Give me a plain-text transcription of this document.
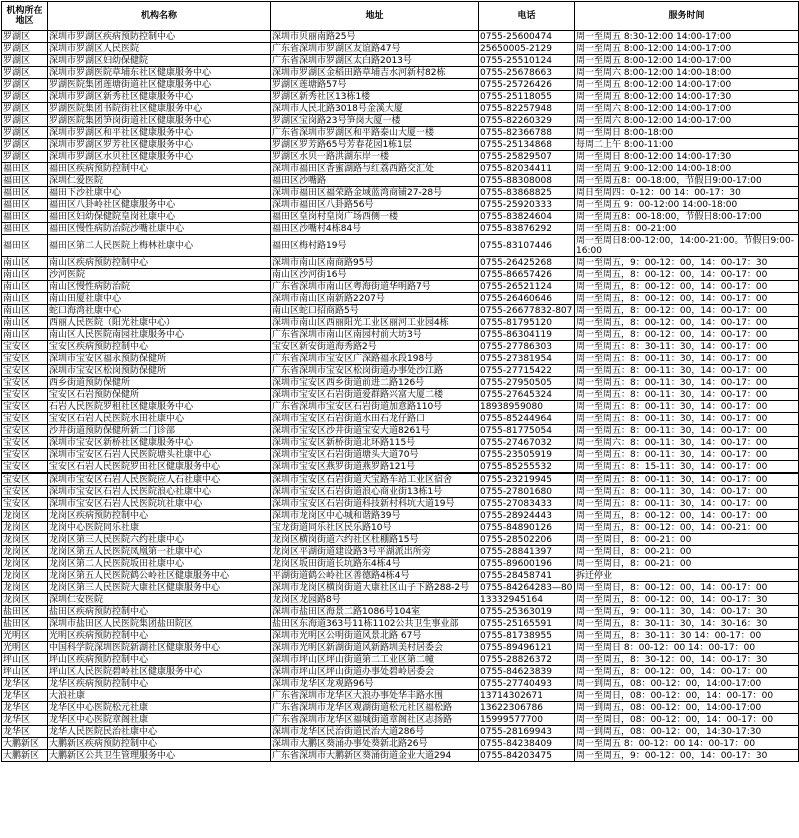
机构所在地区	机构名称	地址	电话	服务时间
罗湖区	深圳市罗湖区疾病预防控制中心	深圳市贝丽南路25号	0755-25600474	周一至周五 8:30-12:00 14:00-17:00
罗湖区	深圳市罗湖区人民医院	广东省深圳市罗湖区友谊路47号	25650005-2129	周一至周五 8:00-12:00 14:00-17:00
罗湖区	深圳市罗湖区妇幼保健院	广东省深圳市罗湖区太白路2013号	0755-25510124	周一至周五 8:00-12:00 14:00-17:00
罗湖区	深圳市罗湖医院草埔东社区健康服务中心	深圳市罗湖区金稻田路草埔吉水河新村82栋	0755-25678663	周一至周六 8:00-12:00 14:00-18:00
罗湖区	罗湖医院集团莲塘街道社区健康服务中心	罗湖区莲塘路57号	0755-25726426	周一至周五 8:00-12:00 14:00-17:00
罗湖区	深圳市罗湖区新秀社区健康服务中心	罗湖区新秀社区13栋1楼	0755-25118055	周一至周五 8:00-12:00 14:00-17:30
罗湖区	罗湖医院集团书院街社区健康服务中心	深圳市人民北路3018号金溪大厦	0755-82257948	周一至周六 8:00-12:00 14:00-17:00
罗湖区	罗湖医院集团笋岗街道社区健康服务中心	罗湖区宝岗路23号笋岗大厦一楼	0755-82260329	周一至周六 8:00-12:00 14:00-17:00
罗湖区	深圳市罗湖区和平社区健康服务中心	广东省深圳市罗湖区和平路泰山大厦一楼	0755-82366788	周一至周日 8:00-18:00
罗湖区	深圳市罗湖区罗芳社区健康服务中心	罗湖区罗芳路65号芳春花园1栋1层	0755-25134868	每周二上午 8:00-11:00
罗湖区	深圳市罗湖区水贝社区健康服务中心	罗湖区水贝一路洪湖东岸一楼	0755-25829507	周一至周日 8:00-12:00 14:00-17:30
福田区	福田区疾病预防控制中心	深圳市福田区香蜜湖路与红荔西路交汇处	0755-82034411	周一至周五 9:00-12:00 14:00-18:00
福田区	深圳仁爱医院	福田区沙嘴路	0755-88308008	周一至周五8：00-18:00，节假日9:00-17:00
福田区	福田下沙社康中心	深圳市福田区福荣路金域蓝湾商铺27-28号	0755-83868825	周日至周四：0-12：00 14：00-17：30
福田区	福田区八卦岭社区健康服务中心	深圳市福田区八卦路56号	0755-25920333	周一至周五 9：00-12:00 14:00-18:00
福田区	福田区妇幼保健院皇岗社康中心	福田区皇岗村皇岗广场西侧一楼	0755-83824604	周一至周五8：00-18:00，节假日8:00-17:00
福田区	福田区慢性病防治院沙嘴社康中心	福田区沙嘴村4栋84号	0755-83876292	周一至周五8：00-21:00
福田区	福田区第二人民医院上梅林社康中心	福田区梅村路19号	0755-83107446	周一至周日8:00-12:00，14:00-21:00。节假日9:00-16:00
南山区	南山区疾病预防控制中心	深圳市南山区南商路95号	0755-26425268	周一至周五，9：00-12：00，14：00-17：30
南山区	沙河医院	南山区沙河街16号	0755-86657426	周一至周五，8：00-12：00，14：00-17：00
南山区	南山区慢性病防治院	广东省深圳市南山区粤海街道华明路7号	0755-26521124	周一至周五，8：00-12：00，14：00-17：00
南山区	南山田厦社康中心	深圳市南山区南新路2207号	0755-26460646	周一至周五，8：00-12：00，14：00-17：00
南山区	蛇口海湾社康中心	南山区蛇口招商路5号	0755-26677832-807	周一至周五，8：00-12：00，14：00-17：00
南山区	西丽人民医院（阳光社康中心）	深圳市南山区西丽阳光工业区丽河工业园4栋	0755-81795120	周一至周五，8：00-12：00，14：00-17：00
南山区	南山区人民医院南园社康服务中心	广东省深圳市南山区南园村前大坊3号	0755-86304119	周一至周五，8：00-12：00，14：00-17：00
宝安区	宝安区疾病预防控制中心	宝安区新安街道海秀路2号	0755-27786303	周一至周五：8：30-11：30，14：00-17：00
宝安区	深圳市宝安区福永预防保健所	广东省深圳市宝安区广深路福永段198号	0755-27381954	周一至周五：8：00-11：30，14：00-17：00
宝安区	深圳市宝安区松岗预防保健所	广东省深圳市宝安区松岗街道办事处沙江路	0755-27715422	周一至周五：8：00-11：30，14：00-17：00
宝安区	西乡街道预防保健所	深圳市宝安区西乡街道前进二路126号	0755-27950505	周一至周五：8：00-11：30，14：00-17：00
宝安区	宝安区石岩预防保健所	深圳市宝安区石岩街道爱群路兴富大厦二楼	0755-27645324	周一至周五：8：00-11：30，14：00-17：00
宝安区	石岩人民医院罗租社区健康服务中心	广东省深圳市宝安区石岩街道加意路110号	18938959080	周一至周五：8：00-11：30，14：00-17：00
宝安区	宝安区石岩人民医院水田社康中心	深圳市宝安区石岩街道水田石龙仔路口	0755-85244964	周一至周五：8：00-11：30，14：00-17：00
宝安区	沙井街道预防保健所新二门诊部	深圳市宝安区沙井街道宝安大道8261号	0755-81775054	周一至周五：8：00-11：30，14：00-17：00
宝安区	深圳市宝安区新桥社区健康服务中心	深圳市宝安区新桥街道北环路115号	0755-27467032	周一至周六：8：00-11：30，14：00-17：00
宝安区	深圳市宝安区石岩人民医院塘头社康中心	深圳市宝安区石岩街道塘头大道70号	0755-23505919	周一至周五：8：00-11：30，14：00-17：00
宝安区	宝安区石岩人民医院罗田社区健康服务中心	深圳市宝安区燕罗街道燕罗路121号	0755-85255532	周一至周五：8：15-11：30，14：00-17：00
宝安区	深圳市宝安区石岩人民医院应人石社康中心	深圳市宝安区石岩街道天宝路车站工业区宿舍	0755-23219945	周一至周五：8：00-11：30，14：00-17：00
宝安区	深圳市宝安区石岩人民医院浪心社康中心	深圳市宝安区石岩街道浪心商业街13栋1号	0755-27801680	周一至周五：8：00-11：30，14：00-17：00
宝安区	深圳市宝安区石岩人民医院坑社康中心	深圳市宝安区石岩街道科技新村科坑大道19号	0755-27083433	周一至周五：8：00-11：30，14：00-17：00
龙岗区	龙岗区疾病预防控制中心	深圳市龙岗区中心城和谐路39号	0755-28924443	周一至周五，8：00-12：00，14：00-17：00
龙岗区	龙岗中心医院同乐社康	宝龙街道同乐社区民乐路10号	0755-84890126	周一至周五，8：00-12：00，14：00-21：00
龙岗区	龙岗区第三人民医院六约社康中心	龙岗区横岗街道六约社区杜棚路15号	0755-28502206	周一至周日，8：00-21：00
龙岗区	龙岗区第五人民医院凤凰第一社康中心	龙岗区平湖街道建设路3号平湖派出所旁	0755-28841397	周一至周日，8：00-21：00
龙岗区	龙岗区第二人民医院坂田社康中心	龙岗区坂田街道长坑路东4栋4号	0755-89600196	周一至周日，8：00-21：00
龙岗区	龙岗区第五人民医院鹤公岭社区健康服务中心	平湖街道鹤公岭社区善德路4栋4号	0755-28458741	拆迁停业
龙岗区	龙岗区第三人民医院大康社区健康服务中心	深圳市龙岗区横岗街道大康社区山子下路288-2号	0755-84264283—80	周一至周日，8：00-12：00，14：00-17：00
龙岗区	深圳仁安医院	龙岗区龙园路8号	13332945164	周一至周五，8：00-12：00，14：00-17：30
盐田区	盐田区疾病预防控制中心	深圳市盐田区海景二路1086号104室	0755-25363019	周一至周五，9：00-11：30，14：00-17：30
盐田区	深圳市盐田区人民医院集团盐田院区	盐田区东海道363号11栋1102公共卫生事业部	0755-25165591	周一至周五，8：30-11：30，14：30-16：30
光明区	光明区疾病预防控制中心	深圳市光明区公明街道风景北路 67号	0755-81738955	周一至周五，8：30-11：30 14：00-17：00
光明区	中国科学院深圳医院新湖社区健康服务中心	深圳市光明区新湖街道风新路圳美村居委会	0755-89496121	周一至周日 8：00-12：00 14：00-17：00
坪山区	坪山区疾病预防控制中心	深圳市坪山区坪山街道第二工业区第二幢	0755-28826372	周一至周五，8：30-12：00，14：00-17：30
坪山区	坪山区人民医院碧岭社区健康服务中心	深圳市坪山区坪山街道办事处碧岭居委会	0755-84623839	周一至周五，8：00-12：00，14：00-17：00
龙华区	龙华区疾病预防控制中心	深圳市龙华区龙观路96号	0755-27740493	周一到周五，08：00-12：00，14:00-17:00
龙华区	大浪社康	广东省深圳市龙华区大浪办事处华丰路水围	13714302671	周一至周日，08：00-12：00，14：00-17：00
龙华区	龙华区中心医院松元社康	广东省深圳市龙华区观湖街道松元社区福松路	13622306786	周一到周五，08：00-12：00，14:00-17:00
龙华区	龙华区中心医院章阁社康	广东省深圳市龙华区福城街道章阁社区志扬路	15999577700	周一至周日，08：00-12：00，14：00-17：00
龙华区	龙华人民医院民治社康中心	深圳市龙华区民治街道民治大道286号	0755-28169943	周一到周五，08：00-12：00，14:30-17:30
大鹏新区	大鹏新区疾病预防控制中心	深圳市大鹏区葵涌办事处葵新北路26号	0755-84238409	周一至周五 8：00-12：00 14：00-17：00
大鹏新区	大鹏新区公共卫生管理服务中心	广东省深圳市大鹏新区葵涌街道金业大道294	0755-84203475	周一至周五，9：00-12：00，14：00-17：30
